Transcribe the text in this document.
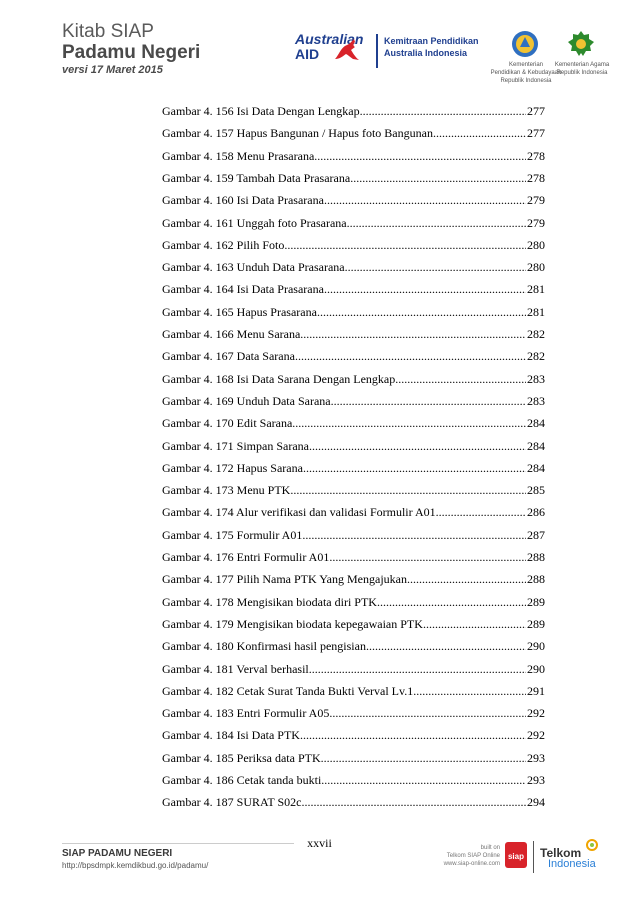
Kitab SIAP
Padamu Negeri
versi 17 Maret 2015
Australian
AID
Kemitraan Pendidikan
Australia Indonesia
Kementerian
Pendidikan & Kebudayaan
Republik Indonesia
Kementerian Agama
Republik Indonesia
Gambar 4. 156 Isi Data Dengan Lengkap .....	277
Gambar 4. 157 Hapus Bangunan / Hapus foto Bangunan .....	277
Gambar 4. 158 Menu Prasarana .....	278
Gambar 4. 159 Tambah Data Prasarana .....	278
Gambar 4. 160 Isi Data Prasarana .....	279
Gambar 4. 161 Unggah foto Prasarana .....	279
Gambar 4. 162 Pilih Foto .....	280
Gambar 4. 163 Unduh Data Prasarana .....	280
Gambar 4. 164 Isi Data Prasarana. .....	281
Gambar 4. 165 Hapus Prasarana .....	281
Gambar 4. 166 Menu Sarana .....	282
Gambar 4. 167 Data Sarana .....	282
Gambar 4. 168 Isi Data Sarana Dengan Lengkap .....	283
Gambar 4. 169 Unduh Data Sarana .....	283
Gambar 4. 170 Edit Sarana .....	284
Gambar 4. 171 Simpan Sarana. .....	284
Gambar 4. 172 Hapus Sarana .....	284
Gambar 4. 173 Menu PTK .....	285
Gambar 4. 174 Alur verifikasi dan validasi Formulir A01 .....	286
Gambar 4. 175 Formulir A01 .....	287
Gambar 4. 176 Entri Formulir A01 .....	288
Gambar 4. 177 Pilih Nama PTK Yang Mengajukan. .....	288
Gambar 4. 178 Mengisikan biodata diri PTK .....	289
Gambar 4. 179 Mengisikan biodata kepegawaian PTK .....	289
Gambar 4. 180 Konfirmasi hasil pengisian .....	290
Gambar 4. 181 Verval berhasil .....	290
Gambar 4. 182 Cetak Surat Tanda Bukti Verval Lv.1 .....	291
Gambar 4. 183 Entri Formulir A05 .....	292
Gambar 4. 184 Isi Data PTK .....	292
Gambar 4. 185 Periksa data PTK .....	293
Gambar 4. 186 Cetak tanda bukti .....	293
Gambar 4. 187 SURAT S02c .....	294
xxvii
SIAP PADAMU NEGERI
http://bpsdmpk.kemdikbud.go.id/padamu/
built on
Telkom SIAP Online
www.siap-online.com
siap Telkom
Indonesia
